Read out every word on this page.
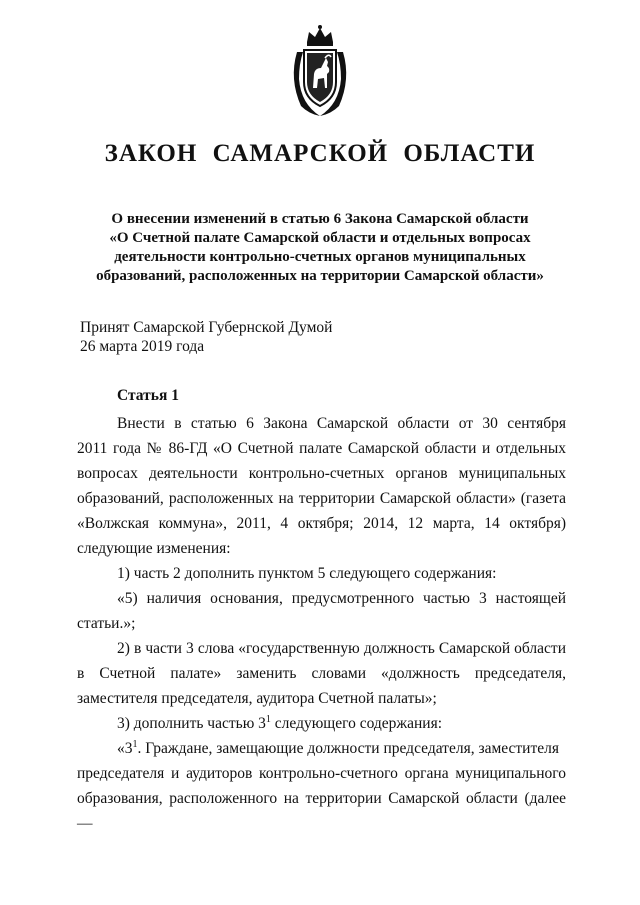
ЗАКОН САМАРСКОЙ ОБЛАСТИ
О внесении изменений в статью 6 Закона Самарской области
«О Счетной палате Самарской области и отдельных вопросах
деятельности контрольно-счетных органов муниципальных
образований, расположенных на территории Самарской области»
Принят Самарской Губернской Думой
26 марта 2019 года
Статья 1
Внести в статью 6 Закона Самарской области от 30 сентября
2011 года № 86-ГД «О Счетной палате Самарской области и отдельных
вопросах деятельности контрольно-счетных органов муниципальных
образований, расположенных на территории Самарской области» (газета
«Волжская коммуна», 2011, 4 октября; 2014, 12 марта, 14 октября)
следующие изменения:
1) часть 2 дополнить пунктом 5 следующего содержания:
«5) наличия основания, предусмотренного частью 3 настоящей
статьи.»;
2) в части 3 слова «государственную должность Самарской области
в Счетной палате» заменить словами «должность председателя,
заместителя председателя, аудитора Счетной палаты»;
3) дополнить частью $3^1$ следующего содержания:
«$3^1$. Граждане, замещающие должности председателя, заместителя
председателя и аудиторов контрольно-счетного органа муниципального
образования, расположенного на территории Самарской области (далее —
